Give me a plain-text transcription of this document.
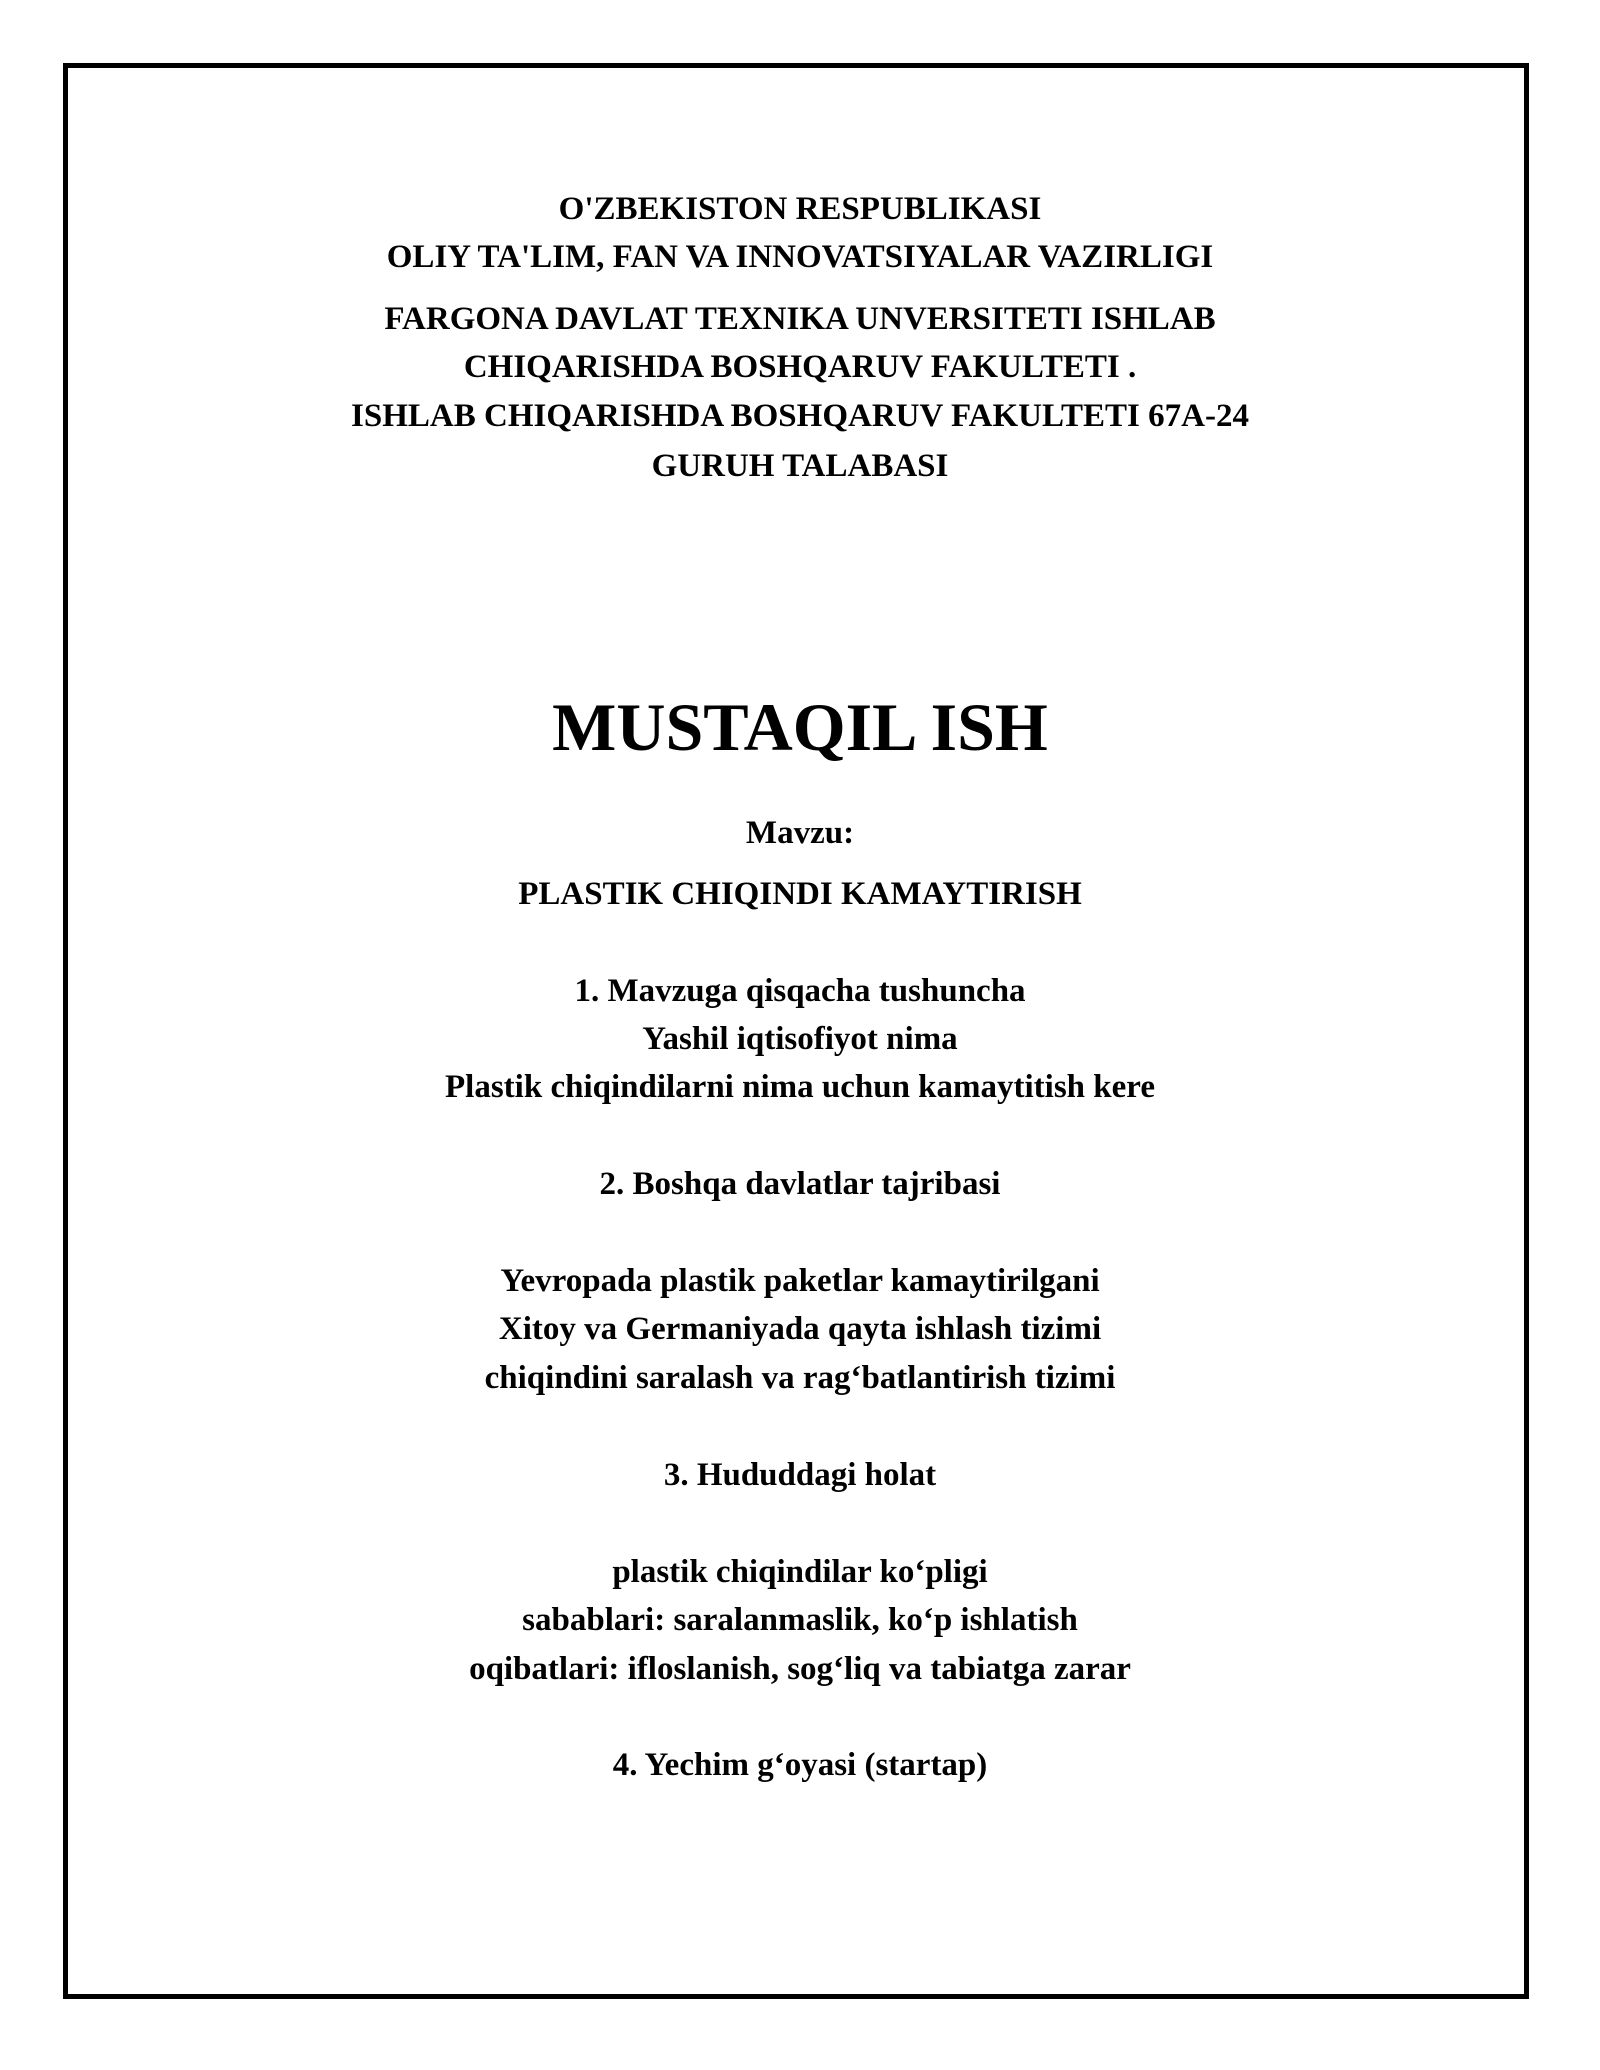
O'ZBEKISTON RESPUBLIKASI
OLIY TA'LIM, FAN VA INNOVATSIYALAR VAZIRLIGI
FARGONA DAVLAT TEXNIKA UNVERSITETI ISHLAB
CHIQARISHDA BOSHQARUV FAKULTETI .
ISHLAB CHIQARISHDA BOSHQARUV FAKULTETI 67A-24
GURUH TALABASI
MUSTAQIL ISH
Mavzu:
PLASTIK CHIQINDI KAMAYTIRISH
1. Mavzuga qisqacha tushuncha
Yashil iqtisofiyot nima
Plastik chiqindilarni nima uchun kamaytitish kere
2. Boshqa davlatlar tajribasi
Yevropada plastik paketlar kamaytirilgani
Xitoy va Germaniyada qayta ishlash tizimi
chiqindini saralash va rag‘batlantirish tizimi
3. Hududdagi holat
plastik chiqindilar ko‘pligi
sabablari: saralanmaslik, ko‘p ishlatish
oqibatlari: ifloslanish, sog‘liq va tabiatga zarar
4. Yechim g‘oyasi (startap)
